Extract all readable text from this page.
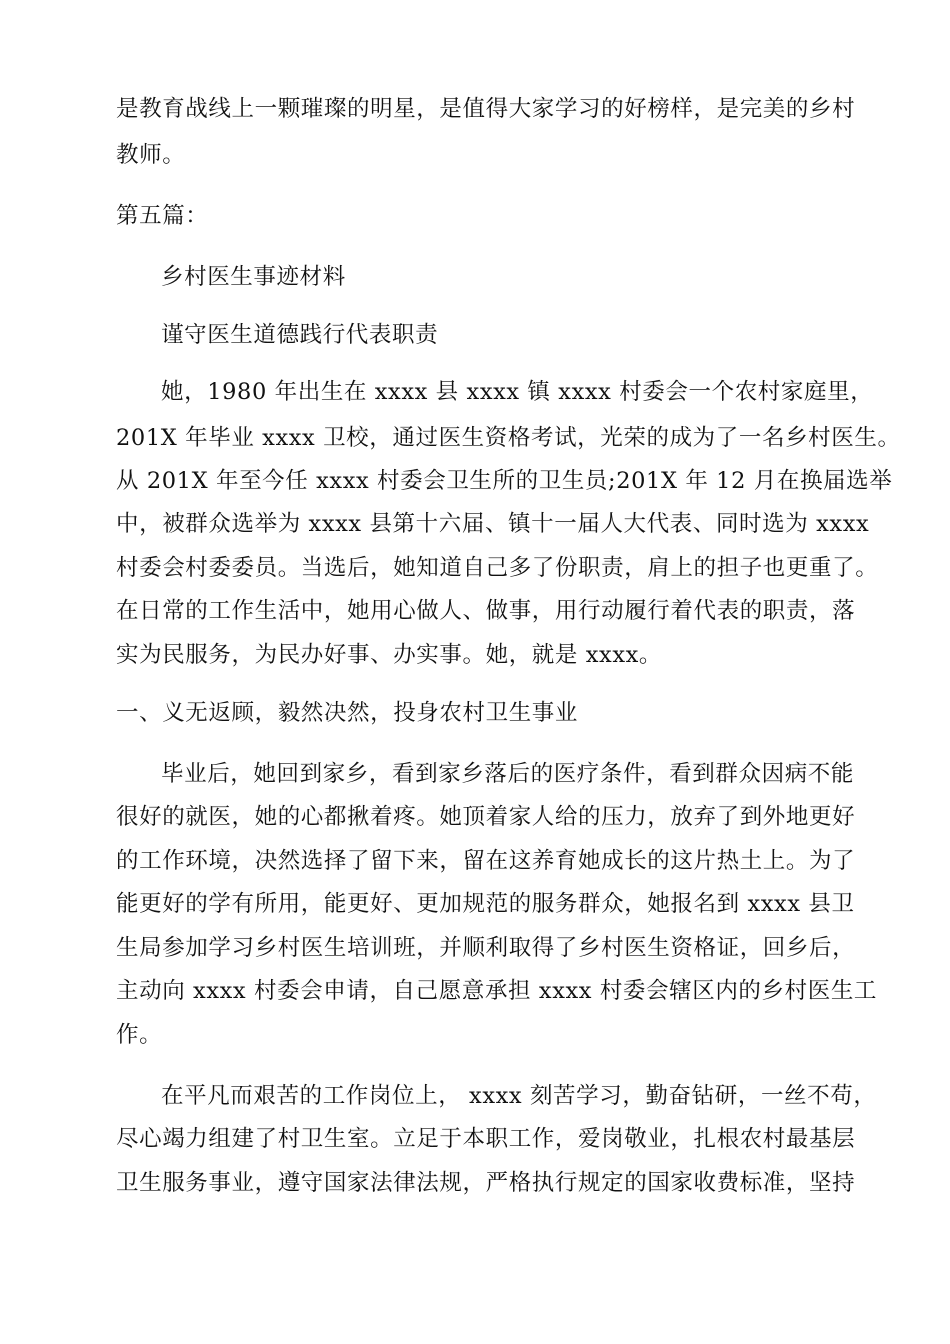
是教育战线上一颗璀璨的明星，是值得大家学习的好榜样，是完美的乡村
教师。
第五篇：
乡村医生事迹材料
谨守医生道德践行代表职责
她，1980 年出生在 xxxx 县 xxxx 镇 xxxx 村委会一个农村家庭里，
201X 年毕业 xxxx 卫校，通过医生资格考试，光荣的成为了一名乡村医生。
从 201X 年至今任 xxxx 村委会卫生所的卫生员;201X 年 12 月在换届选举
中，被群众选举为 xxxx 县第十六届、镇十一届人大代表、同时选为 xxxx
村委会村委委员。当选后，她知道自己多了份职责，肩上的担子也更重了。
在日常的工作生活中，她用心做人、做事，用行动履行着代表的职责，落
实为民服务，为民办好事、办实事。她，就是 xxxx。
一、义无返顾，毅然决然，投身农村卫生事业
毕业后，她回到家乡，看到家乡落后的医疗条件，看到群众因病不能
很好的就医，她的心都揪着疼。她顶着家人给的压力，放弃了到外地更好
的工作环境，决然选择了留下来，留在这养育她成长的这片热土上。为了
能更好的学有所用，能更好、更加规范的服务群众，她报名到 xxxx 县卫
生局参加学习乡村医生培训班，并顺利取得了乡村医生资格证，回乡后，
主动向 xxxx 村委会申请，自己愿意承担 xxxx 村委会辖区内的乡村医生工
作。
在平凡而艰苦的工作岗位上， xxxx 刻苦学习，勤奋钻研，一丝不苟，
尽心竭力组建了村卫生室。立足于本职工作，爱岗敬业，扎根农村最基层
卫生服务事业，遵守国家法律法规，严格执行规定的国家收费标准，坚持
